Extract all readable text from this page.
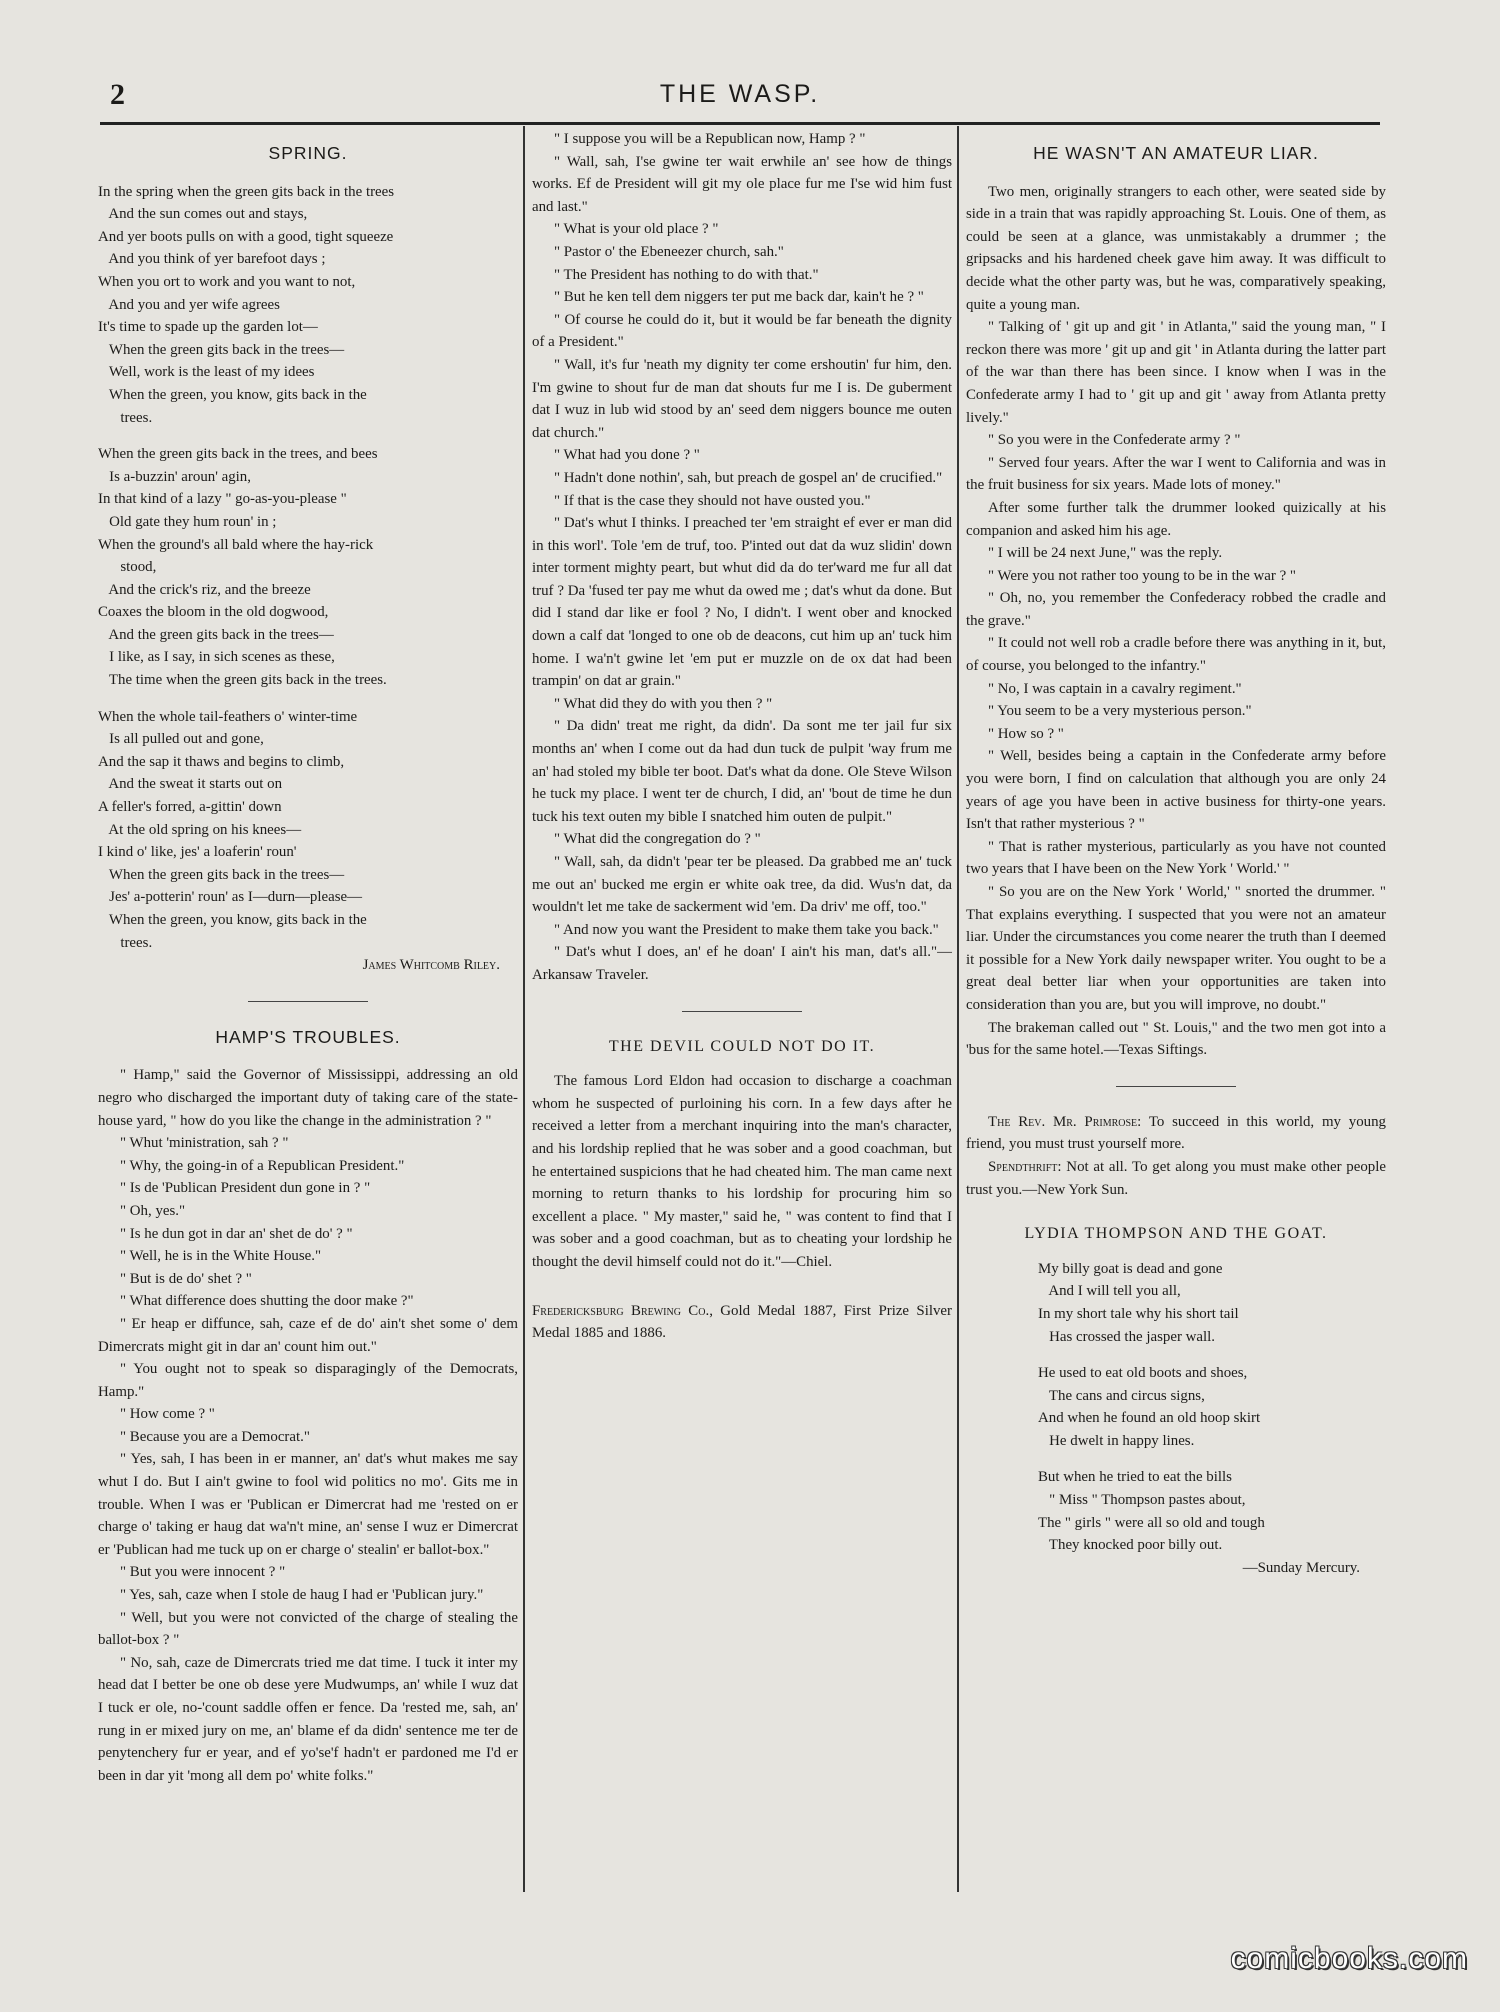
2	THE WASP.
SPRING.
In the spring when the green gits back in the trees
And the sun comes out and stays,
And yer boots pulls on with a good, tight squeeze
And you think of yer barefoot days ;
When you ort to work and you want to not,
And you and yer wife agrees
It's time to spade up the garden lot—
When the green gits back in the trees—
Well, work is the least of my idees
When the green, you know, gits back in the
trees.
When the green gits back in the trees, and bees
Is a-buzzin' aroun' agin,
In that kind of a lazy " go-as-you-please "
Old gate they hum roun' in ;
When the ground's all bald where the hay-rick
stood,
And the crick's riz, and the breeze
Coaxes the bloom in the old dogwood,
And the green gits back in the trees—
I like, as I say, in sich scenes as these,
The time when the green gits back in the trees.
When the whole tail-feathers o' winter-time
Is all pulled out and gone,
And the sap it thaws and begins to climb,
And the sweat it starts out on
A feller's forred, a-gittin' down
At the old spring on his knees—
I kind o' like, jes' a loaferin' roun'
When the green gits back in the trees—
Jes' a-potterin' roun' as I—durn—please—
When the green, you know, gits back in the
trees.
James Whitcomb Riley.
HAMP'S TROUBLES.

" Hamp," said the Governor of Mississippi, addressing an old negro who discharged the important duty of taking care of the state-house yard, " how do you like the change in the administration ? "

" Whut 'ministration, sah ? "

" Why, the going-in of a Republican President."

" Is de 'Publican President dun gone in ? "

" Oh, yes."

" Is he dun got in dar an' shet de do' ? "

" Well, he is in the White House."

" But is de do' shet ? "

" What difference does shutting the door make ?"

" Er heap er diffunce, sah, caze ef de do' ain't shet some o' dem Dimercrats might git in dar an' count him out."

" You ought not to speak so disparagingly of the Democrats, Hamp."

" How come ? "

" Because you are a Democrat."

" Yes, sah, I has been in er manner, an' dat's whut makes me say whut I do. But I ain't gwine to fool wid politics no mo'. Gits me in trouble. When I was er 'Publican er Dimercrat had me 'rested on er charge o' taking er haug dat wa'n't mine, an' sense I wuz er Dimercrat er 'Publican had me tuck up on er charge o' stealin' er ballot-box."

" But you were innocent ? "

" Yes, sah, caze when I stole de haug I had er 'Publican jury."

" Well, but you were not convicted of the charge of stealing the ballot-box ? "

" No, sah, caze de Dimercrats tried me dat time. I tuck it inter my head dat I better be one ob dese yere Mudwumps, an' while I wuz dat I tuck er ole, no-'count saddle offen er fence. Da 'rested me, sah, an' rung in er mixed jury on me, an' blame ef da didn' sentence me ter de penytenchery fur er year, and ef yo'se'f hadn't er pardoned me I'd er been in dar yit 'mong all dem po' white folks."

" I suppose you will be a Republican now, Hamp ? "

" Wall, sah, I'se gwine ter wait erwhile an' see how de things works. Ef de President will git my ole place fur me I'se wid him fust and last."

" What is your old place ? "

" Pastor o' the Ebeneezer church, sah."

" The President has nothing to do with that."

" But he ken tell dem niggers ter put me back dar, kain't he ? "

" Of course he could do it, but it would be far beneath the dignity of a President."

" Wall, it's fur 'neath my dignity ter come ershoutin' fur him, den. I'm gwine to shout fur de man dat shouts fur me I is. De guberment dat I wuz in lub wid stood by an' seed dem niggers bounce me outen dat church."

" What had you done ? "

" Hadn't done nothin', sah, but preach de gospel an' de crucified."

" If that is the case they should not have ousted you."

" Dat's whut I thinks. I preached ter 'em straight ef ever er man did in this worl'. Tole 'em de truf, too. P'inted out dat da wuz slidin' down inter torment mighty peart, but whut did da do ter'ward me fur all dat truf ? Da 'fused ter pay me whut da owed me ; dat's whut da done. But did I stand dar like er fool ? No, I didn't. I went ober and knocked down a calf dat 'longed to one ob de deacons, cut him up an' tuck him home. I wa'n't gwine let 'em put er muzzle on de ox dat had been trampin' on dat ar grain."

" What did they do with you then ? "

" Da didn' treat me right, da didn'. Da sont me ter jail fur six months an' when I come out da had dun tuck de pulpit 'way frum me an' had stoled my bible ter boot. Dat's what da done. Ole Steve Wilson he tuck my place. I went ter de church, I did, an' 'bout de time he dun tuck his text outen my bible I snatched him outen de pulpit."

" What did the congregation do ? "

" Wall, sah, da didn't 'pear ter be pleased. Da grabbed me an' tuck me out an' bucked me ergin er white oak tree, da did. Wus'n dat, da wouldn't let me take de sackerment wid 'em. Da driv' me off, too."

" And now you want the President to make them take you back."

" Dat's whut I does, an' ef he doan' I ain't his man, dat's all."—Arkansaw Traveler.

THE DEVIL COULD NOT DO IT.

The famous Lord Eldon had occasion to discharge a coachman whom he suspected of purloining his corn. In a few days after he received a letter from a merchant inquiring into the man's character, and his lordship replied that he was sober and a good coachman, but he entertained suspicions that he had cheated him. The man came next morning to return thanks to his lordship for procuring him so excellent a place. " My master," said he, " was content to find that I was sober and a good coachman, but as to cheating your lordship he thought the devil himself could not do it."—Chiel.

Fredericksburg Brewing Co., Gold Medal 1887, First Prize Silver Medal 1885 and 1886.

HE WASN'T AN AMATEUR LIAR.

Two men, originally strangers to each other, were seated side by side in a train that was rapidly approaching St. Louis. One of them, as could be seen at a glance, was unmistakably a drummer ; the gripsacks and his hardened cheek gave him away. It was difficult to decide what the other party was, but he was, comparatively speaking, quite a young man.

" Talking of ' git up and git ' in Atlanta," said the young man, " I reckon there was more ' git up and git ' in Atlanta during the latter part of the war than there has been since. I know when I was in the Confederate army I had to ' git up and git ' away from Atlanta pretty lively."

" So you were in the Confederate army ? "

" Served four years. After the war I went to California and was in the fruit business for six years. Made lots of money."

After some further talk the drummer looked quizically at his companion and asked him his age.

" I will be 24 next June," was the reply.

" Were you not rather too young to be in the war ? "

" Oh, no, you remember the Confederacy robbed the cradle and the grave."

" It could not well rob a cradle before there was anything in it, but, of course, you belonged to the infantry."

" No, I was captain in a cavalry regiment."

" You seem to be a very mysterious person."

" How so ? "

" Well, besides being a captain in the Confederate army before you were born, I find on calculation that although you are only 24 years of age you have been in active business for thirty-one years. Isn't that rather mysterious ? "

" That is rather mysterious, particularly as you have not counted two years that I have been on the New York ' World.' "

" So you are on the New York ' World,' " snorted the drummer. " That explains everything. I suspected that you were not an amateur liar. Under the circumstances you come nearer the truth than I deemed it possible for a New York daily newspaper writer. You ought to be a great deal better liar when your opportunities are taken into consideration than you are, but you will improve, no doubt."

The brakeman called out " St. Louis," and the two men got into a 'bus for the same hotel.—Texas Siftings.

The Rev. Mr. Primrose: To succeed in this world, my young friend, you must trust yourself more.

Spendthrift: Not at all. To get along you must make other people trust you.—New York Sun.

LYDIA THOMPSON AND THE GOAT.
My billy goat is dead and gone
And I will tell you all,
In my short tale why his short tail
Has crossed the jasper wall.
He used to eat old boots and shoes,
The cans and circus signs,
And when he found an old hoop skirt
He dwelt in happy lines.
But when he tried to eat the bills
" Miss " Thompson pastes about,
The " girls " were all so old and tough
They knocked poor billy out.
—Sunday Mercury.
comicbooks.com
